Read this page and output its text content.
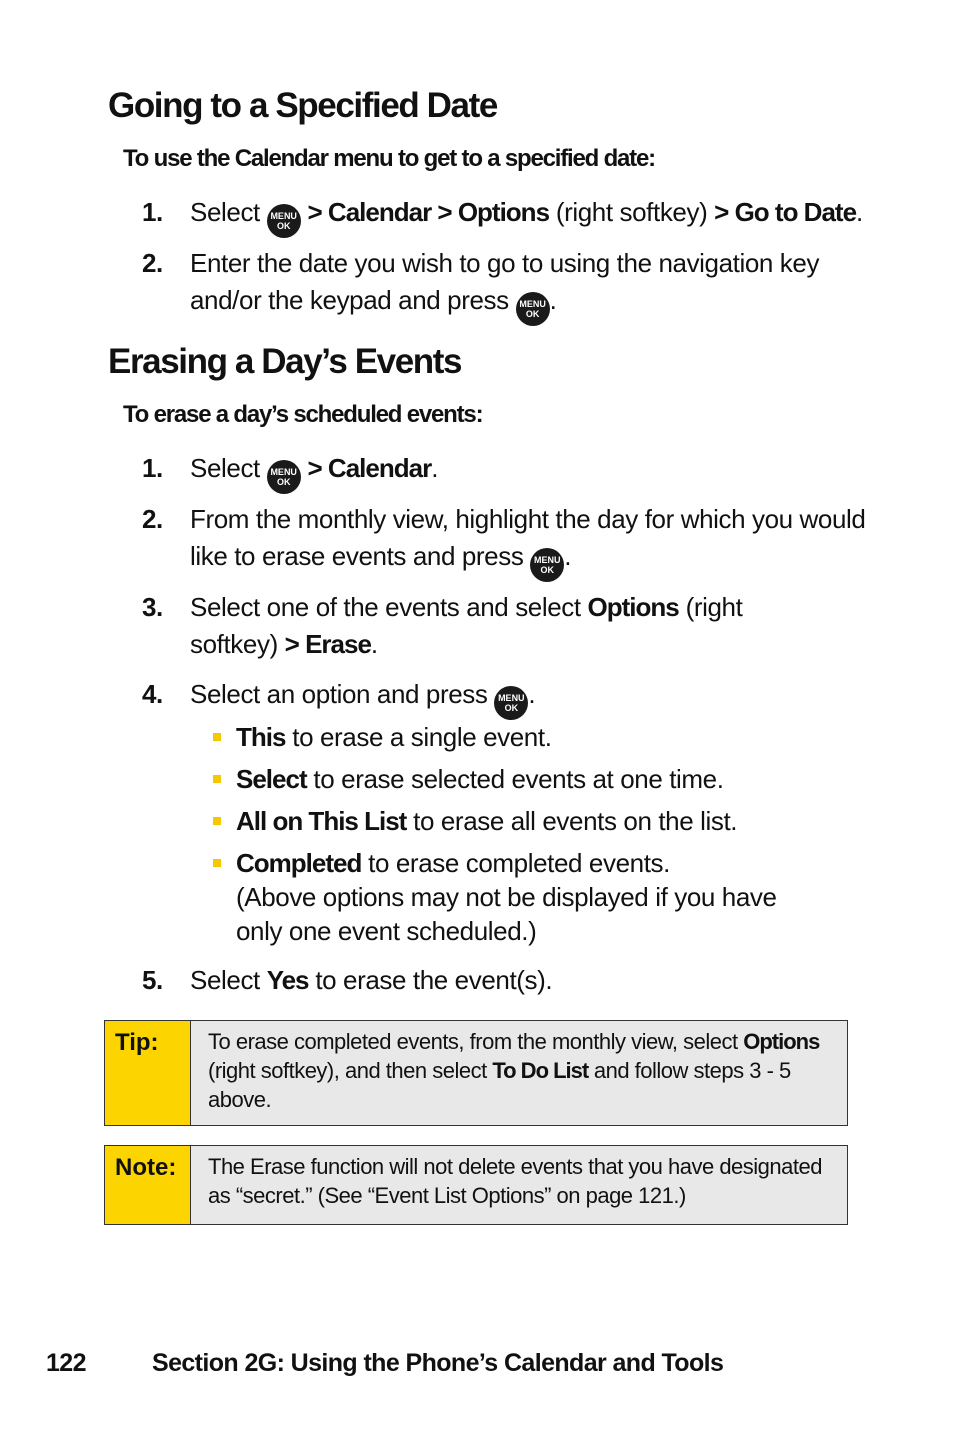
Going to a Specified Date
To use the Calendar menu to get to a specified date:
1. Select MENU
OK > Calendar > Options (right softkey) > Go to Date.
2. Enter the date you wish to go to using the navigation key and/or the keypad and press MENU
OK .
Erasing a Day’s Events
To erase a day’s scheduled events:
1. Select MENU
OK > Calendar.
2. From the monthly view, highlight the day for which you would like to erase events and press MENU
OK .
3. Select one of the events and select Options (right softkey) > Erase.
4. Select an option and press MENU
OK .
This to erase a single event.
Select to erase selected events at one time.
All on This List to erase all events on the list.
Completed to erase completed events.
(Above options may not be displayed if you have only one event scheduled.)
5. Select Yes to erase the event(s).
Tip:	To erase completed events, from the monthly view, select Options (right softkey), and then select To Do List and follow steps 3 - 5 above.
Note:	The Erase function will not delete events that you have designated as “secret.” (See “Event List Options” on page 121.)
122	Section 2G: Using the Phone’s Calendar and Tools
